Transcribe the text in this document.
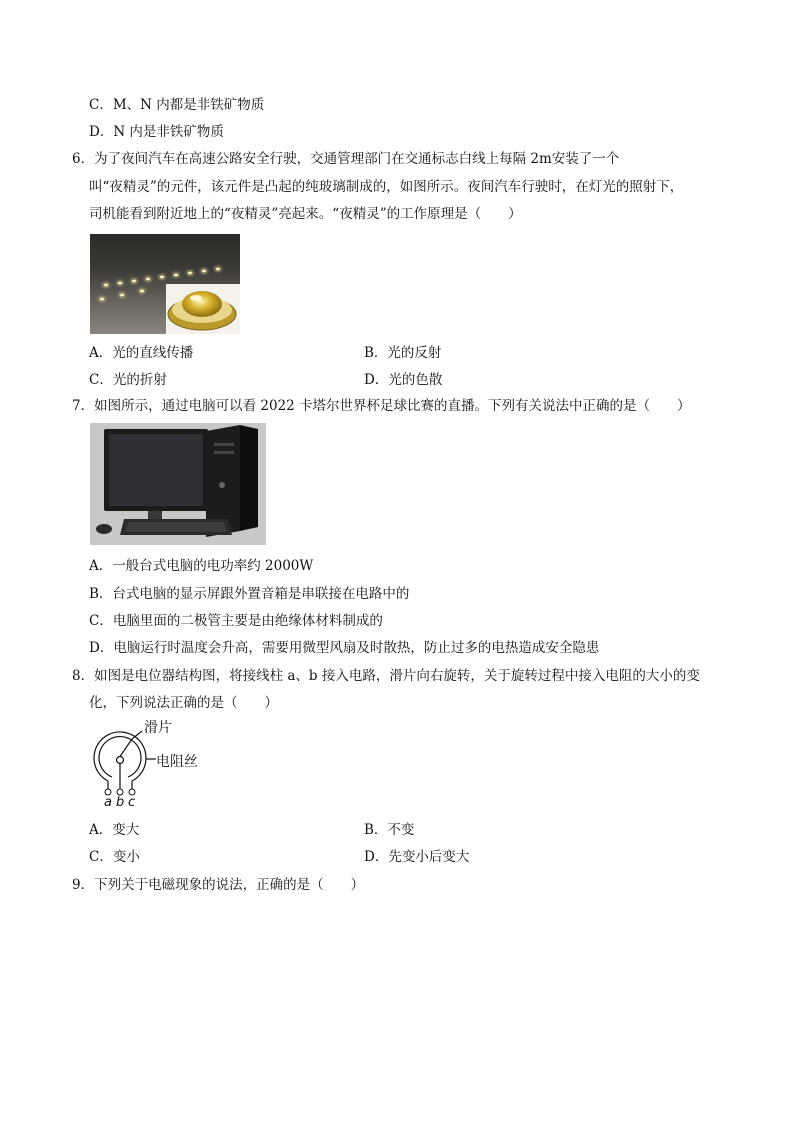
C．M、N 内都是非铁矿物质
D．N 内是非铁矿物质
6．为了夜间汽车在高速公路安全行驶，交通管理部门在交通标志白线上每隔 2m安装了一个
叫“夜精灵”的元件，该元件是凸起的纯玻璃制成的，如图所示。夜间汽车行驶时，在灯光的照射下，
司机能看到附近地上的“夜精灵”亮起来。“夜精灵”的工作原理是（　　）
A．光的直线传播	B．光的反射
C．光的折射	D．光的色散
7．如图所示，通过电脑可以看 2022 卡塔尔世界杯足球比赛的直播。下列有关说法中正确的是（　　）
A．一般台式电脑的电功率约 2000W
B．台式电脑的显示屏跟外置音箱是串联接在电路中的
C．电脑里面的二极管主要是由绝缘体材料制成的
D．电脑运行时温度会升高，需要用微型风扇及时散热，防止过多的电热造成安全隐患
8．如图是电位器结构图，将接线柱 a、b 接入电路，滑片向右旋转，关于旋转过程中接入电阻的大小的变
化，下列说法正确的是（　　）
滑片
电阻丝
a b c
A．变大	B．不变
C．变小	D．先变小后变大
9．下列关于电磁现象的说法，正确的是（　　）
